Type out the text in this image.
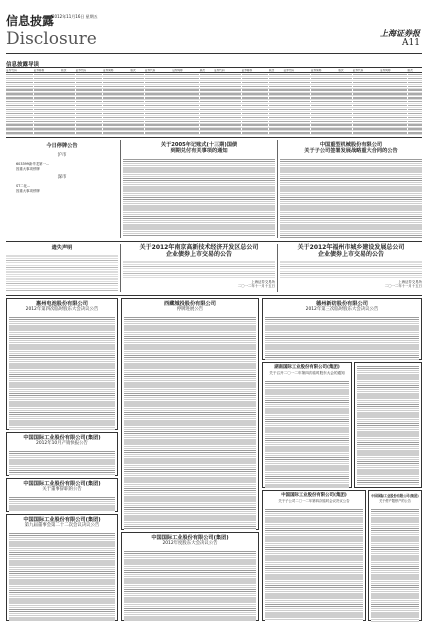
信息披露
2012年11月16日 星期五
Disclosure	上海证券报
A11
信息披露导读
证券代码	证券简称	版次	证券代码	证券简称	版次	证券代码	证券简称	版次	证券代码	证券简称	版次	证券代码	证券简称	版次	证券代码	证券简称	版次

今日停牌公告
沪市
603399新华龙第一...
因重大事项停牌
深市
ST二化...
因重大事项停牌
关于2005年记账式(十三期)国债
到期兑付有关事项的通知
中国重型机械股份有限公司
关于子公司签署发展战略重大合同的公告
遗失声明	关于2012年南京高新技术经济开发区总公司
企业债券上市交易的公告
上海证券交易所
二〇一二年十一月十五日
关于2012年福州市城乡建设发展总公司
企业债券上市交易的公告
上海证券交易所
二〇一二年十一月十五日
惠州电池股份有限公司
2012年第四次临时股东大会决议公告
中国国际工业股份有限公司(集团)
2012年10月产销快报公告
中国国际工业股份有限公司(集团)
关于董事辞职的公告
中国国际工业股份有限公司(集团)
第九届董事会第二十二次会议决议公告
西藏城投股份有限公司
停牌进展公告
中国国际工业股份有限公司(集团)
2012年度股东大会决议公告
德州新纺股份有限公司
2012年第三次临时股东大会决议公告
湖南国际工业股份有限公司(集团)
关于召开二〇一二年第四次临时股东大会的通知
中国国际工业股份有限公司(集团)
关于子公司二〇一二年第四次临时会议决议公告
中国国际工业股份有限公司(集团)
关于停产限停产的公告
